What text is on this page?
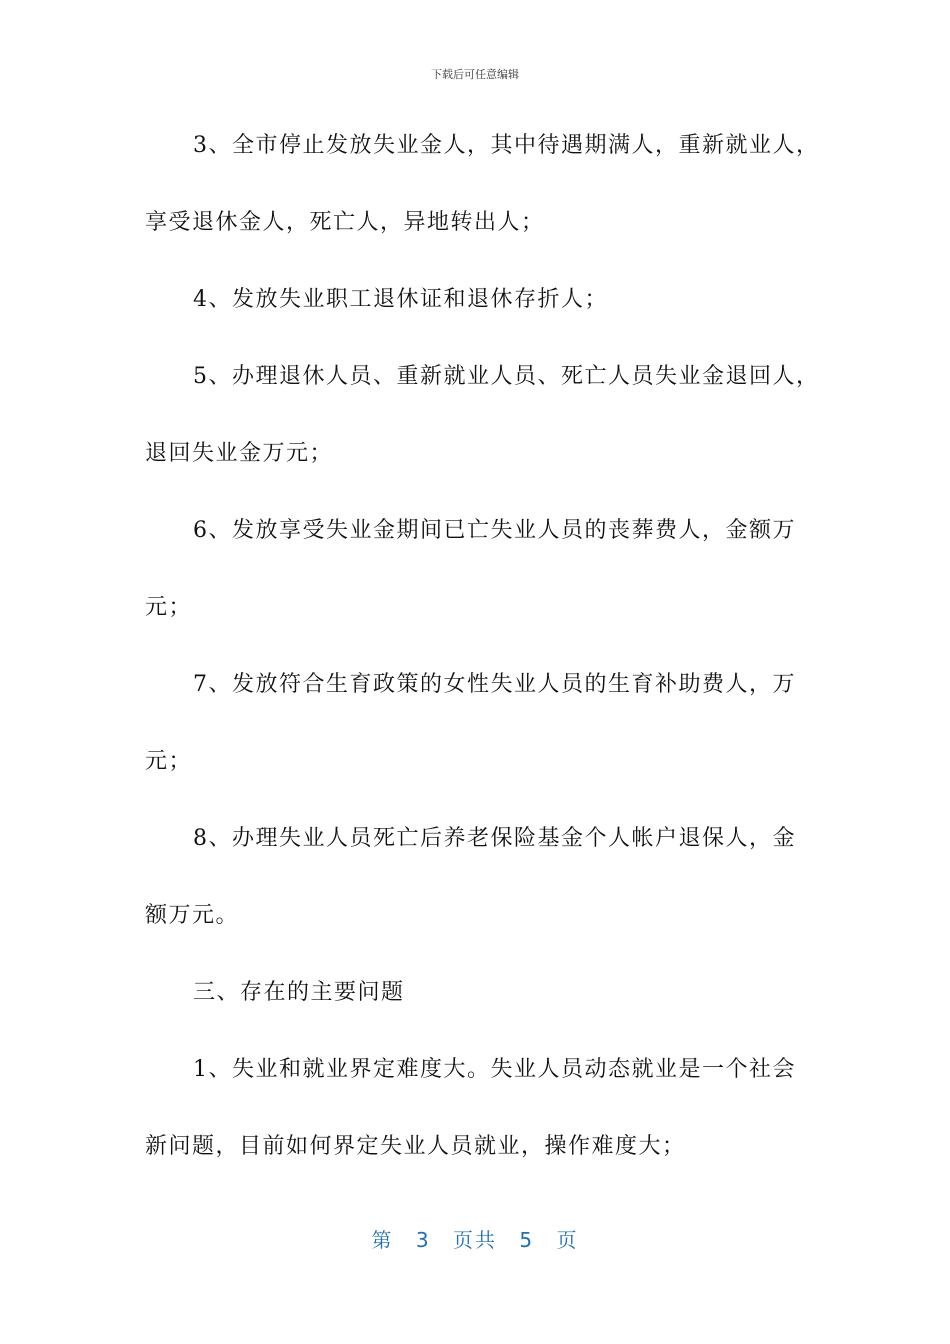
下载后可任意编辑
3、全市停止发放失业金人，其中待遇期满人，重新就业人，
享受退休金人，死亡人，异地转出人；
4、发放失业职工退休证和退休存折人；
5、办理退休人员、重新就业人员、死亡人员失业金退回人，
退回失业金万元；
6、发放享受失业金期间已亡失业人员的丧葬费人，金额万
元；
7、发放符合生育政策的女性失业人员的生育补助费人，万
元；
8、办理失业人员死亡后养老保险基金个人帐户退保人，金
额万元。
三、存在的主要问题
1、失业和就业界定难度大。失业人员动态就业是一个社会
新问题，目前如何界定失业人员就业，操作难度大；
第 3 页共 5 页
